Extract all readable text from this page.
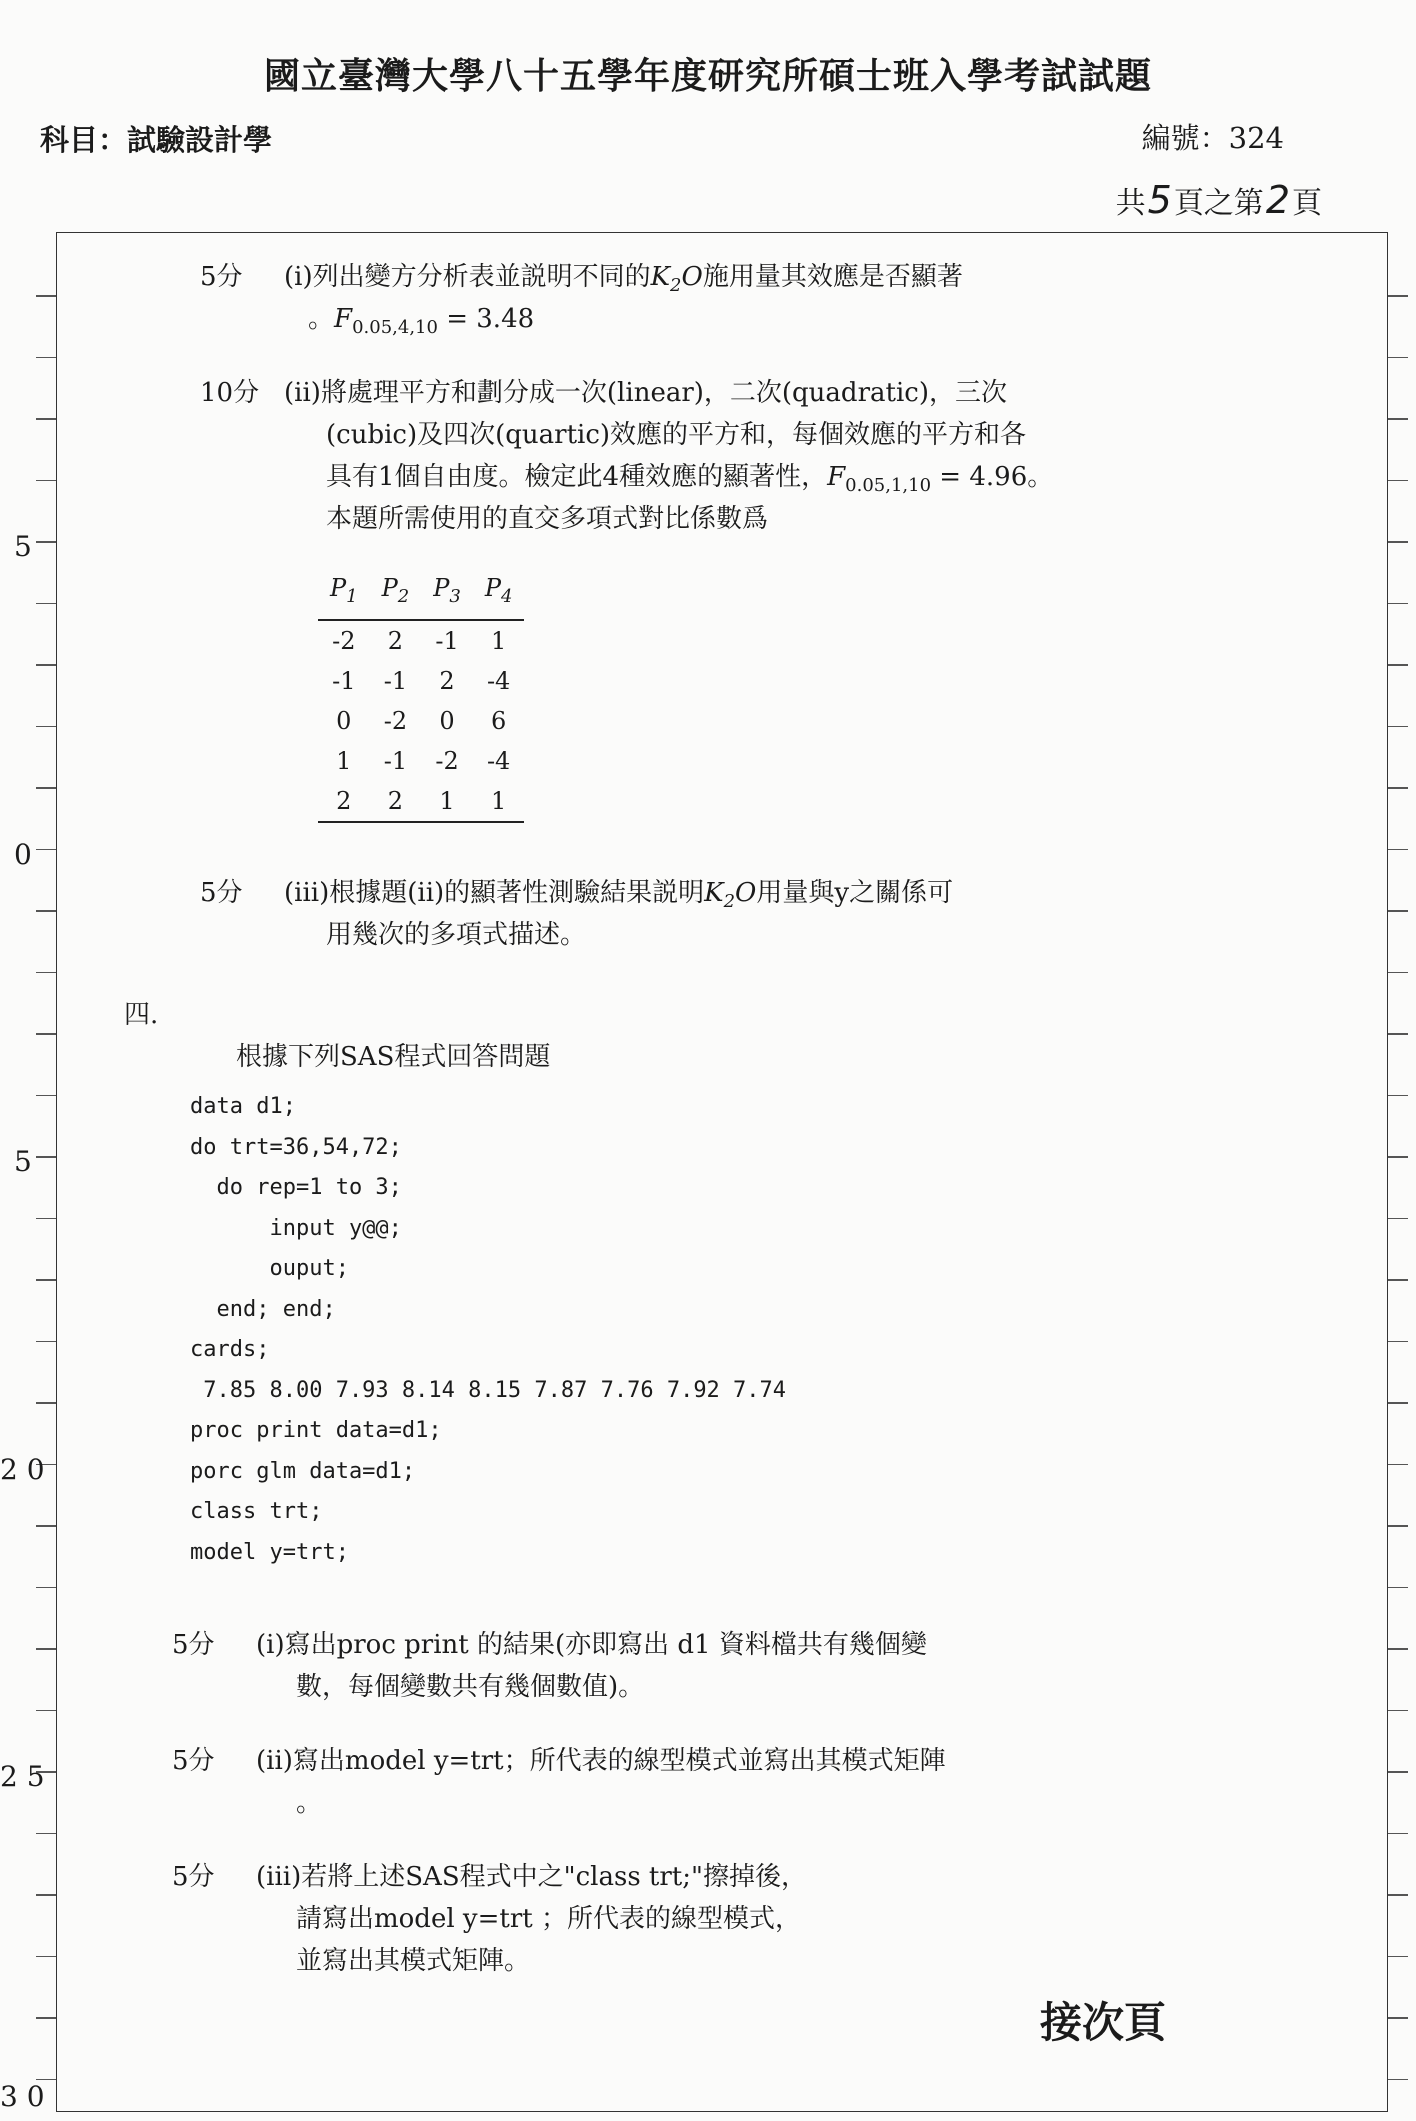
國立臺灣大學八十五學年度研究所碩士班入學考試試題
科目：試驗設計學	編號：324
共5頁之第2頁
5
0
5
2 0
2 5
3 0
5分 (i)列出變方分析表並説明不同的$K_2O$施用量其效應是否顯著
。$F_{0.05,4,10} = 3.48$
10分 (ii)將處理平方和劃分成一次(linear)，二次(quadratic)，三次
(cubic)及四次(quartic)效應的平方和，每個效應的平方和各
具有1個自由度。檢定此4種效應的顯著性，$F_{0.05,1,10} = 4.96$。
本題所需使用的直交多項式對比係數爲
$P_1$	$P_2$	$P_3$	$P_4$
-2	2	-1	1
-1	-1	2	-4
0	-2	0	6
1	-1	-2	-4
2	2	1	1
5分 (iii)根據題(ii)的顯著性測驗結果説明$K_2O$用量與y之關係可
用幾次的多項式描述。
四.
根據下列SAS程式回答問題
data d1;
do trt=36,54,72;
do rep=1 to 3;
input y@@;
ouput;
end; end;
cards;
7.85 8.00 7.93 8.14 8.15 7.87 7.76 7.92 7.74
proc print data=d1;
porc glm data=d1;
class trt;
model y=trt;
5分 (i)寫出proc print 的結果(亦即寫出 d1 資料檔共有幾個變
數，每個變數共有幾個數值)。
5分 (ii)寫出model y=trt；所代表的線型模式並寫出其模式矩陣
。
5分 (iii)若將上述SAS程式中之"class trt;"擦掉後，
請寫出model y=trt ；所代表的線型模式，
並寫出其模式矩陣。
接次頁
